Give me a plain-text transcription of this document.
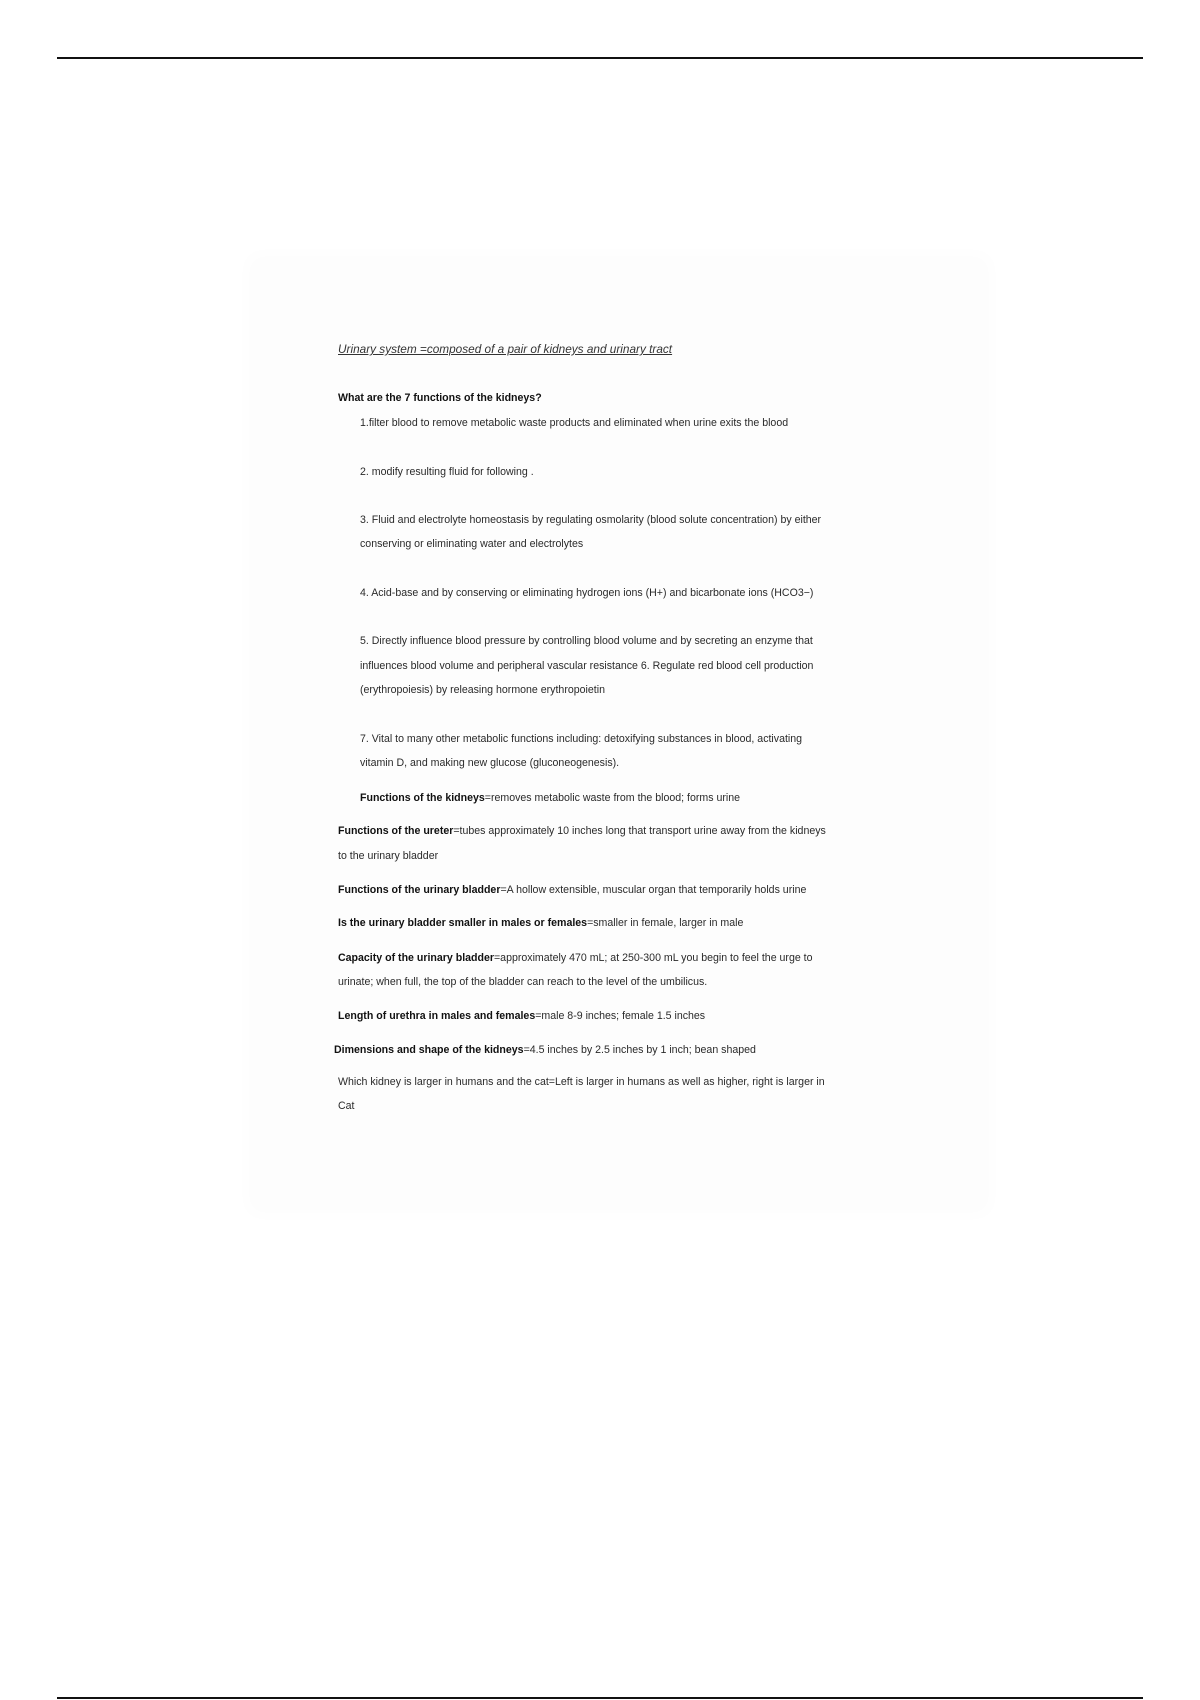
Urinary system =composed of a pair of kidneys and urinary tract
What are the 7 functions of the kidneys?
1.filter blood to remove metabolic waste products and eliminated when urine exits the blood
2. modify resulting fluid for following .
3. Fluid and electrolyte homeostasis by regulating osmolarity (blood solute concentration) by either
conserving or eliminating water and electrolytes
4. Acid-base and by conserving or eliminating hydrogen ions (H+) and bicarbonate ions (HCO3−)
5. Directly influence blood pressure by controlling blood volume and by secreting an enzyme that
influences blood volume and peripheral vascular resistance 6. Regulate red blood cell production
(erythropoiesis) by releasing hormone erythropoietin
7. Vital to many other metabolic functions including: detoxifying substances in blood, activating
vitamin D, and making new glucose (gluconeogenesis).
Functions of the kidneys=removes metabolic waste from the blood; forms urine
Functions of the ureter=tubes approximately 10 inches long that transport urine away from the kidneys
to the urinary bladder
Functions of the urinary bladder=A hollow extensible, muscular organ that temporarily holds urine
Is the urinary bladder smaller in males or females=smaller in female, larger in male
Capacity of the urinary bladder=approximately 470 mL; at 250-300 mL you begin to feel the urge to
urinate; when full, the top of the bladder can reach to the level of the umbilicus.
Length of urethra in males and females=male 8-9 inches; female 1.5 inches
Dimensions and shape of the kidneys=4.5 inches by 2.5 inches by 1 inch; bean shaped
Which kidney is larger in humans and the cat=Left is larger in humans as well as higher, right is larger in
Cat
